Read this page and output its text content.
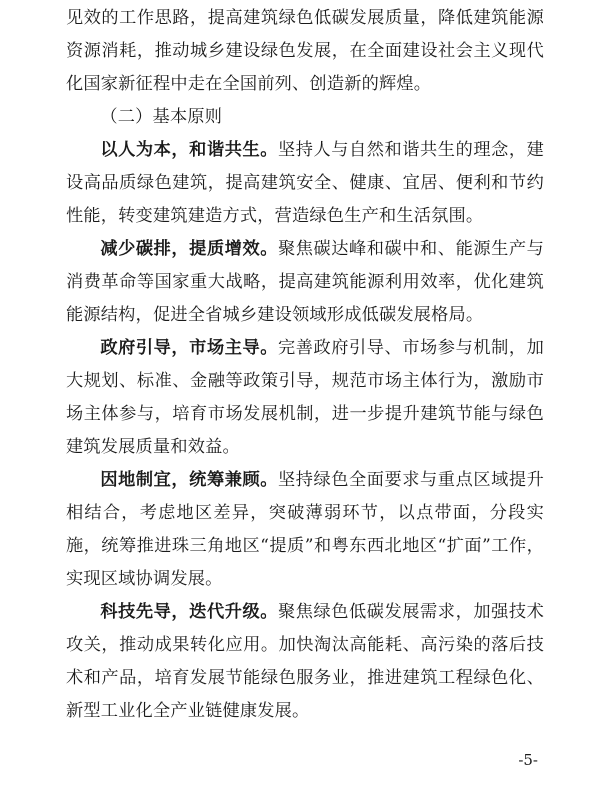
见效的工作思路，提高建筑绿色低碳发展质量，降低建筑能源资源消耗，推动城乡建设绿色发展，在全面建设社会主义现代化国家新征程中走在全国前列、创造新的辉煌。

（二）基本原则

以人为本，和谐共生。坚持人与自然和谐共生的理念，建设高品质绿色建筑，提高建筑安全、健康、宜居、便利和节约性能，转变建筑建造方式，营造绿色生产和生活氛围。

减少碳排，提质增效。聚焦碳达峰和碳中和、能源生产与消费革命等国家重大战略，提高建筑能源利用效率，优化建筑能源结构，促进全省城乡建设领域形成低碳发展格局。

政府引导，市场主导。完善政府引导、市场参与机制，加大规划、标准、金融等政策引导，规范市场主体行为，激励市场主体参与，培育市场发展机制，进一步提升建筑节能与绿色建筑发展质量和效益。

因地制宜，统筹兼顾。坚持绿色全面要求与重点区域提升相结合，考虑地区差异，突破薄弱环节，以点带面，分段实施，统筹推进珠三角地区“提质”和粤东西北地区“扩面”工作，实现区域协调发展。

科技先导，迭代升级。聚焦绿色低碳发展需求，加强技术攻关，推动成果转化应用。加快淘汰高能耗、高污染的落后技术和产品，培育发展节能绿色服务业，推进建筑工程绿色化、新型工业化全产业链健康发展。

-5-
